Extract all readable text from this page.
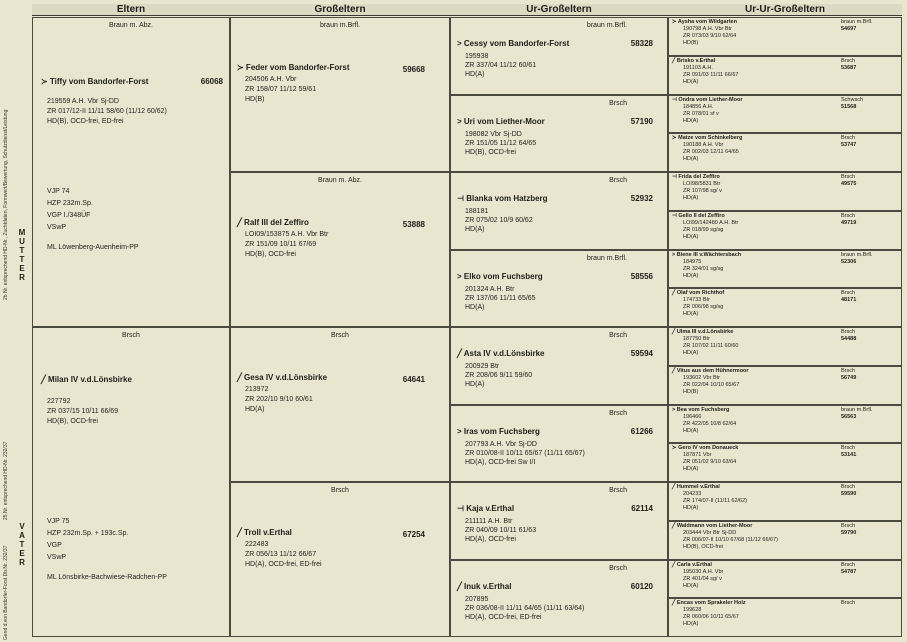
2b Nr. entsprechend HD-Nr., Zuchtdaten, Formwert/Bewertung, Schutzdienst/Leistung
25.Nr. entsprechend HD-Nr. 232/37
Gend d.von Bandorfer-Forst Db.Nr. 232/37
M
U
T
T
E
R
V
A
T
E
R
Eltern	Großeltern	Ur-Großeltern	Ur-Ur-Großeltern
Braun m. Abz.
≻ Tiffy vom Bandorfer-Forst	66068
219559 A.H. Vbr Sj-DD
ZR 017/12-II 11/11 58/60 (11/12 60/62)
HD(B), OCD-frei, ED-frei
VJP 74
HZP 232m.Sp.
VGP I./348ÜF
VSwP
ML Löwenberg-Auenheim-PP
Brsch
╱ Milan IV v.d.Lönsbirke
227792
ZR 037/15 10/11 66/69
HD(B), OCD-frei
VJP 75
HZP 232m.Sp. + 193c.Sp.
VGP
VSwP
ML Lönsbirke-Bachwiese-Radchen-PP
braun m.Brfl.
≻ Feder vom Bandorfer-Forst	59668
204506 A.H. Vbr
ZR 158/07 11/12 59/61
HD(B)
Braun m. Abz.
╱ Ralf III del Zeffiro	53888
LOI09/153875 A.H. Vbr Btr
ZR 151/09 10/11 67/69
HD(B), OCD-frei
Brsch
╱ Gesa IV v.d.Lönsbirke	64641
213972
ZR 202/10 9/10 60/61
HD(A)
Brsch
╱ Troll v.Erthal	67254
222483
ZR 056/13 11/12 66/67
HD(A), OCD-frei, ED-frei
braun m.Brfl.
> Cessy vom Bandorfer-Forst	58328
195938
ZR 337/04 11/12 60/61
HD(A)
Brsch
> Uri vom Liether-Moor	57190
198082 Vbr Sj-DD
ZR 151/05 11/12 64/65
HD(B), OCD-frei
Brsch
⊣ Blanka vom Hatzberg	52932
188181
ZR 075/02 10/9 60/62
HD(A)
braun m.Brfl.
> Elko vom Fuchsberg	58556
201324 A.H. Btr
ZR 137/06 11/11 65/65
HD(A)
Brsch
╱ Asta IV v.d.Lönsbirke	59594
200929 Btr
ZR 208/06 9/11 59/60
HD(A)
Brsch
> Iras vom Fuchsberg	61266
207793 A.H. Vbr Sj-DD
ZR 010/08-II 10/11 65/67 (11/11 65/67)
HD(A), OCD-frei Sw I/I
Brsch
⊣ Kaja v.Erthal	62114
211111 A.H. Btr
ZR 040/09 10/11 61/63
HD(A), OCD-frei
Brsch
╱ Inuk v.Erthal	60120
207895
ZR 036/08-II 11/11 64/65 (11/11 63/64)
HD(A), OCD-frei, ED-frei
≻ Aysha vom Wildgarten	braun m.Brfl.
54697
190798 A.H. Vbr Btr
ZR 073/03 9/10 62/64
HD(B)
╱ Brisko v.Erthal	Brsch
53687
191103 A.H.
ZR 091/03 11/11 66/67
HD(A)
⊣ Ondra vom Liether-Moor	Schwsch
51568
184856 A.H.
ZR 078/01 sf v
HD(A)
≻ Matze vom Schinkelberg	Brsch
53747
190188 A.H. Vbr
ZR 002/03 12/11 64/65
HD(A)
⊣ Frida del Zeffiro	Brsch
49575
LOI98/5831 Btr
ZR 107/98 sg/ v
HD(A)
⊣ Gello II del Zeffiro	Brsch
49719
LOI99/142480 A.H. Btr
ZR 018/99 sg/sg
HD(A)
> Biene III v.Wächtersbach	braun m.Brfl.
52306
184975
ZR 324/01 sg/sg
HD(A)
╱ Olaf vom Richthof	Brsch
48171
174733 Btr
ZR 006/98 sg/sg
HD(A)
╱ Ulma III v.d.Lönsbirke	Brsch
54488
187750 Btr
ZR 107/02 11/11 60/60
HD(A)
╱ Vitus aus dem Hühnermoor	Brsch
56749
193602 Vbr Btr
ZR 022/04 10/10 65/67
HD(B)
> Bea vom Fuchsberg	braun m.Brfl.
56563
196466
ZR 422/05 10/8 62/64
HD(A)
≻ Gero IV vom Donaueck	Brsch
53141
187871 Vbr
ZR 051/02 9/10 63/64
HD(A)
╱ Hummel v.Erthal	Brsch
59590
204233
ZR 174/07-II (11/11 62/62)
HD(A)
╱ Waldmann vom Liether-Moor	Brsch
59790
203444 Vbr Btr Sj-DD
ZR 006/07-II 10/10 67/68 (11/12 66/67)
HD(B), OCD-frei
╱ Carla v.Erthal	Brsch
54787
195030 A.H. Vbr
ZR 401/04 sg/ v
HD(A)
╱ Encas vom Sprakeler Holz	Brsch
199628
ZR 060/06 10/11 65/67
HD(A)
